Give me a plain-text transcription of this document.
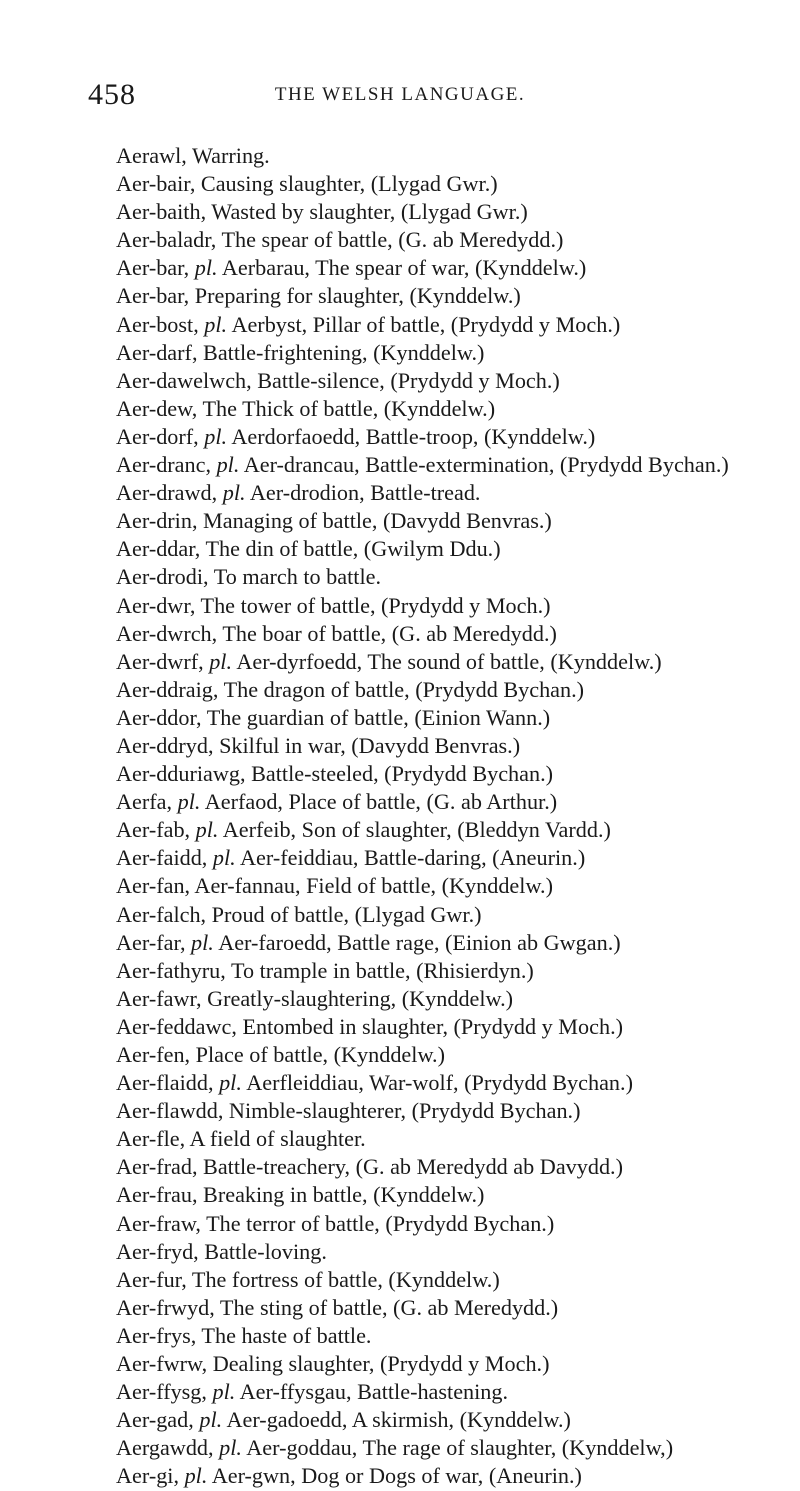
458	THE WELSH LANGUAGE.
Aerawl, Warring.
Aer-bair, Causing slaughter, (Llygad Gwr.)
Aer-baith, Wasted by slaughter, (Llygad Gwr.)
Aer-baladr, The spear of battle, (G. ab Meredydd.)
Aer-bar, pl. Aerbarau, The spear of war, (Kynddelw.)
Aer-bar, Preparing for slaughter, (Kynddelw.)
Aer-bost, pl. Aerbyst, Pillar of battle, (Prydydd y Moch.)
Aer-darf, Battle-frightening, (Kynddelw.)
Aer-dawelwch, Battle-silence, (Prydydd y Moch.)
Aer-dew, The Thick of battle, (Kynddelw.)
Aer-dorf, pl. Aerdorfaoedd, Battle-troop, (Kynddelw.)
Aer-dranc, pl. Aer-drancau, Battle-extermination, (Prydydd Bychan.)
Aer-drawd, pl. Aer-drodion, Battle-tread.
Aer-drin, Managing of battle, (Davydd Benvras.)
Aer-ddar, The din of battle, (Gwilym Ddu.)
Aer-drodi, To march to battle.
Aer-dwr, The tower of battle, (Prydydd y Moch.)
Aer-dwrch, The boar of battle, (G. ab Meredydd.)
Aer-dwrf, pl. Aer-dyrfoedd, The sound of battle, (Kynddelw.)
Aer-ddraig, The dragon of battle, (Prydydd Bychan.)
Aer-ddor, The guardian of battle, (Einion Wann.)
Aer-ddryd, Skilful in war, (Davydd Benvras.)
Aer-dduriawg, Battle-steeled, (Prydydd Bychan.)
Aerfa, pl. Aerfaod, Place of battle, (G. ab Arthur.)
Aer-fab, pl. Aerfeib, Son of slaughter, (Bleddyn Vardd.)
Aer-faidd, pl. Aer-feiddiau, Battle-daring, (Aneurin.)
Aer-fan, Aer-fannau, Field of battle, (Kynddelw.)
Aer-falch, Proud of battle, (Llygad Gwr.)
Aer-far, pl. Aer-faroedd, Battle rage, (Einion ab Gwgan.)
Aer-fathyru, To trample in battle, (Rhisierdyn.)
Aer-fawr, Greatly-slaughtering, (Kynddelw.)
Aer-feddawc, Entombed in slaughter, (Prydydd y Moch.)
Aer-fen, Place of battle, (Kynddelw.)
Aer-flaidd, pl. Aerfleiddiau, War-wolf, (Prydydd Bychan.)
Aer-flawdd, Nimble-slaughterer, (Prydydd Bychan.)
Aer-fle, A field of slaughter.
Aer-frad, Battle-treachery, (G. ab Meredydd ab Davydd.)
Aer-frau, Breaking in battle, (Kynddelw.)
Aer-fraw, The terror of battle, (Prydydd Bychan.)
Aer-fryd, Battle-loving.
Aer-fur, The fortress of battle, (Kynddelw.)
Aer-frwyd, The sting of battle, (G. ab Meredydd.)
Aer-frys, The haste of battle.
Aer-fwrw, Dealing slaughter, (Prydydd y Moch.)
Aer-ffysg, pl. Aer-ffysgau, Battle-hastening.
Aer-gad, pl. Aer-gadoedd, A skirmish, (Kynddelw.)
Aergawdd, pl. Aer-goddau, The rage of slaughter, (Kynddelw,)
Aer-gi, pl. Aer-gwn, Dog or Dogs of war, (Aneurin.)
